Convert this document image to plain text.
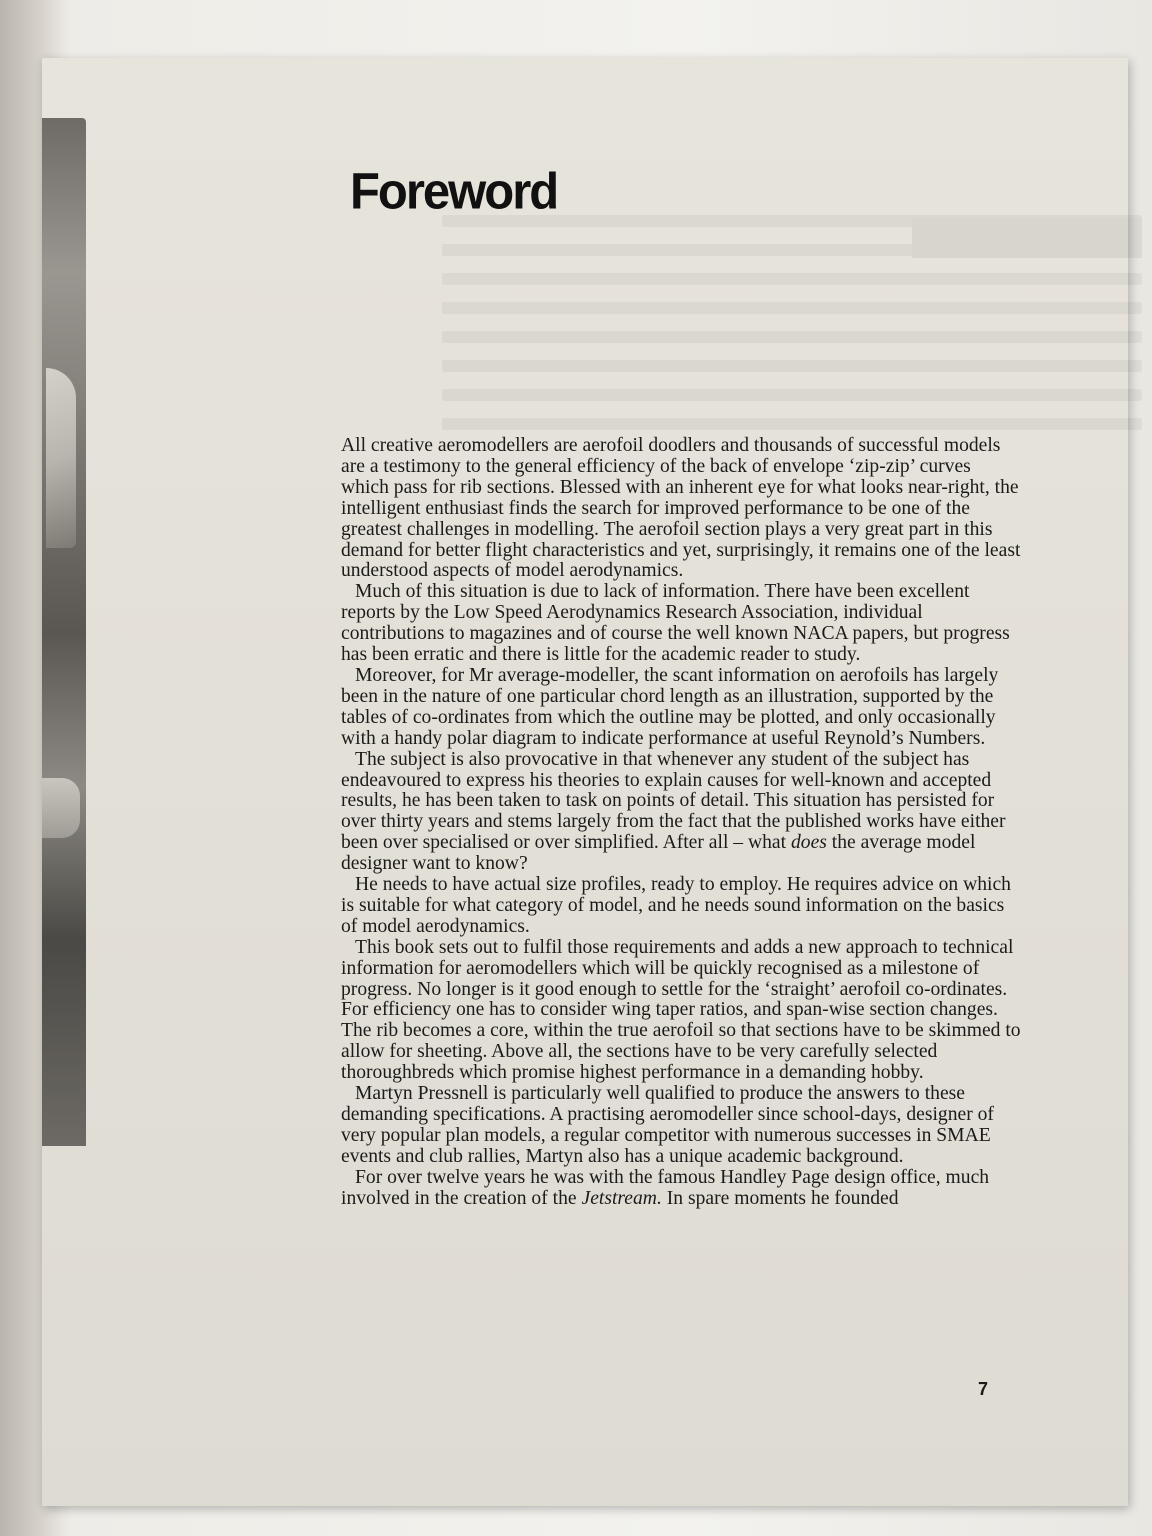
Foreword

All creative aeromodellers are aerofoil doodlers and thousands of successful models are a testimony to the general efficiency of the back of envelope ‘zip-zip’ curves which pass for rib sections. Blessed with an inherent eye for what looks near-right, the intelligent enthusiast finds the search for improved performance to be one of the greatest challenges in modelling. The aerofoil section plays a very great part in this demand for better flight characteristics and yet, surprisingly, it remains one of the least understood aspects of model aerodynamics.

Much of this situation is due to lack of information. There have been excellent reports by the Low Speed Aerodynamics Research Association, individual contributions to magazines and of course the well known NACA papers, but progress has been erratic and there is little for the academic reader to study.

Moreover, for Mr average-modeller, the scant information on aerofoils has largely been in the nature of one particular chord length as an illustration, supported by the tables of co-ordinates from which the outline may be plotted, and only occasionally with a handy polar diagram to indicate performance at useful Reynold’s Numbers.

The subject is also provocative in that whenever any student of the subject has endeavoured to express his theories to explain causes for well-known and accepted results, he has been taken to task on points of detail. This situation has persisted for over thirty years and stems largely from the fact that the published works have either been over specialised or over simplified. After all – what does the average model designer want to know?

He needs to have actual size profiles, ready to employ. He requires advice on which is suitable for what category of model, and he needs sound information on the basics of model aerodynamics.

This book sets out to fulfil those requirements and adds a new approach to technical information for aeromodellers which will be quickly recognised as a milestone of progress. No longer is it good enough to settle for the ‘straight’ aerofoil co-ordinates. For efficiency one has to consider wing taper ratios, and span-wise section changes. The rib becomes a core, within the true aerofoil so that sections have to be skimmed to allow for sheeting. Above all, the sections have to be very carefully selected thoroughbreds which promise highest performance in a demanding hobby.

Martyn Pressnell is particularly well qualified to produce the answers to these demanding specifications. A practising aeromodeller since school-days, designer of very popular plan models, a regular competitor with numerous successes in SMAE events and club rallies, Martyn also has a unique academic background.

For over twelve years he was with the famous Handley Page design office, much involved in the creation of the Jetstream. In spare moments he founded

7
